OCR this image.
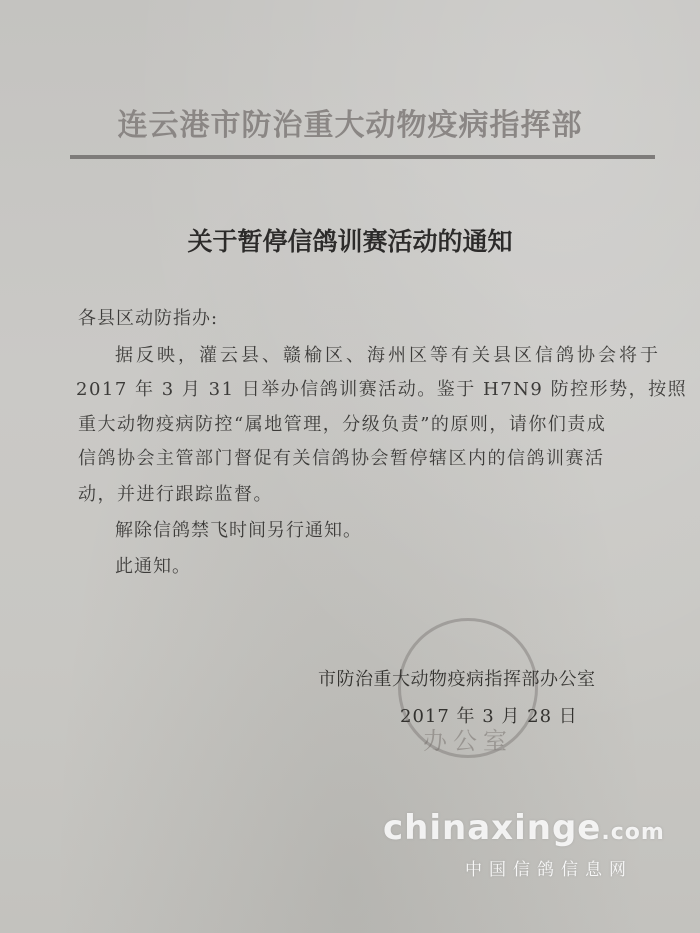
连云港市防治重大动物疫病指挥部
关于暂停信鸽训赛活动的通知
各县区动防指办:
据反映，灌云县、赣榆区、海州区等有关县区信鸽协会将于
2017 年 3 月 31 日举办信鸽训赛活动。鉴于 H7N9 防控形势，按照
重大动物疫病防控“属地管理，分级负责”的原则，请你们责成
信鸽协会主管部门督促有关信鸽协会暂停辖区内的信鸽训赛活
动，并进行跟踪监督。
解除信鸽禁飞时间另行通知。
此通知。
办公室
市防治重大动物疫病指挥部办公室
2017 年 3 月 28 日
chinaxinge.com
中国信鸽信息网
